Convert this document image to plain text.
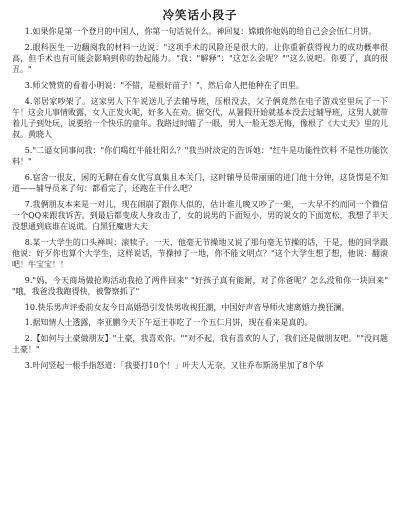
冷笑话小段子

1.如果你是第一个登月的中国人，你第一句话说什么。神回复：嫦娥你他妈的给自己会会伍仁月饼。

2.眼科医生一边翻阅我的材料一边说："这项手术的风险还是很大的。让你重新获得视力的成功概率很高，但手术也有可能会影响到你的勃起能力。"我："解释"："这怎么会呢？""这么说吧。你要了，真的很丑。"

3.师父赞赏的看着小明说："不错，是根好苗子！"，然后命人把他种在了田里。

4.邻居家吵架了。这家男人下午说送儿子去辅导班，压根没去，父子俩竟然在电子游戏室里玩了一下午！这会儿事情败露，女人正发火呢，好多人在劝。据交代，从暑假开始就基本没去过辅导班，这男人就带着儿子到处玩，说要给一个快乐的童年。我路过时瞄了一眼，男人一脸无怨无悔，像根了《大丈夫》里的儿叔。黄晓人

5."二逼女同事问我："你们喝红牛能壮阳么？"我当时淡定的告诉她："红牛是功能性饮料 不是性功能饮料！"

6.宿舍一很友，闲的无聊在看女优写真集且本关门，这时辅导员带丽丽的进门他十分钟，这货愣是不知道——辅导员来了句：都看完了，还跑在干什么吧？

7.我俩朋友本来是一对儿，现在闹崩了跟你人似的，估计谁儿晚又吵了一架，一大早不约而同一个微信一个QQ来跟我诉苦。到最后都变成人身攻击了，女的说男的下面短小，男的说女的下面宽松，我想了半天没想通到底谁在说谎。白黑狂魔唐大夫

8.某一大学生的口头禅叫：滚犊子。一天，他毫无节操地又说了那句毫无节操的话，于是，他的同学跟他说：好歹你也算个大学生，这样说话，节操掉了一地，你不能文明点？"这个大学生想了想，他说：翻滚吧！牛宝宝！！

9."妈，今天商场做抢购活动我抢了两件回来" "好孩子真有能耐，对了你爸呢？怎么没和你一块回来" "哦，我爸没我跑得快，被警察抓了"

10.快乐男声评委前女友今日高婚恐引发快男收视狂潮，中国好声音导师火速离婚力挽狂澜。

1.据知情人士透露，李亚鹏今天下午逗王菲吃了一个五仁月饼，现在看来是真的。

2.【如何与土豪做朋友】"土豪，我喜欢你。""对不起，我有喜欢的人了，我们还是做朋友吧。""没问题土豪！"

3.叶问竖起一根手指怒道：「我要打10个！」叶夫人无奈，又往乔布斯汤里加了8个华
